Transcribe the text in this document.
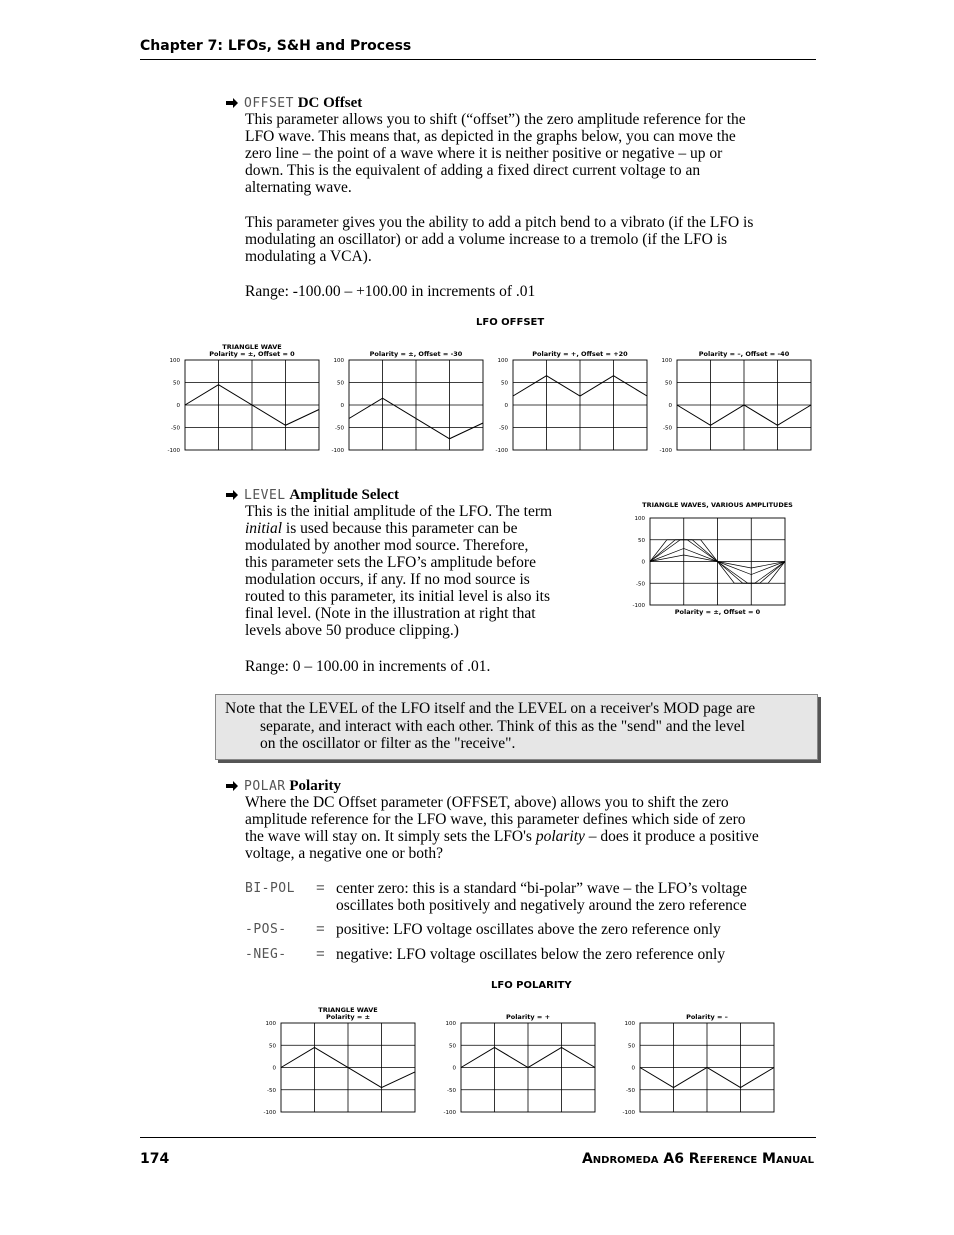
Chapter 7: LFOs, S&H and Process
OFFSET DC Offset
This parameter allows you to shift (“offset”) the zero amplitude reference for the
LFO wave. This means that, as depicted in the graphs below, you can move the
zero line – the point of a wave where it is neither positive or negative – up or
down. This is the equivalent of adding a fixed direct current voltage to an
alternating wave.
This parameter gives you the ability to add a pitch bend to a vibrato (if the LFO is
modulating an oscillator) or add a volume increase to a tremolo (if the LFO is
modulating a VCA).
Range: -100.00 – +100.00 in increments of .01
LFO OFFSET
TRIANGLE WAVE
Polarity = ±, Offset = 0
100
50
0
-50
-100
Polarity = ±, Offset = -30
100
50
0
-50
-100
Polarity = +, Offset = +20
100
50
0
-50
-100
Polarity = –, Offset = -40
100
50
0
-50
-100
LEVEL Amplitude Select
This is the initial amplitude of the LFO. The term
initial is used because this parameter can be
modulated by another mod source. Therefore,
this parameter sets the LFO’s amplitude before
modulation occurs, if any. If no mod source is
routed to this parameter, its initial level is also its
final level. (Note in the illustration at right that
levels above 50 produce clipping.)
Range: 0 – 100.00 in increments of .01.
TRIANGLE WAVES, VARIOUS AMPLITUDES
Polarity = ±, Offset = 0
100
50
0
-50
-100

Note that the LEVEL of the LFO itself and the LEVEL on a receiver's MOD page are
separate, and interact with each other. Think of this as the "send" and the level
on the oscillator or filter as the "receive".

POLAR Polarity
Where the DC Offset parameter (OFFSET, above) allows you to shift the zero
amplitude reference for the LFO wave, this parameter defines which side of zero
the wave will stay on. It simply sets the LFO's polarity – does it produce a positive
voltage, a negative one or both?
BI-POL = center zero: this is a standard “bi-polar” wave – the LFO’s voltage
oscillates both positively and negatively around the zero reference
-POS- = positive: LFO voltage oscillates above the zero reference only
-NEG- = negative: LFO voltage oscillates below the zero reference only
LFO POLARITY
TRIANGLE WAVE
Polarity = ±
100
50
0
-50
-100
Polarity = +
100
50
0
-50
-100
Polarity = –
100
50
0
-50
-100
174	Andromeda A6 Reference Manual
